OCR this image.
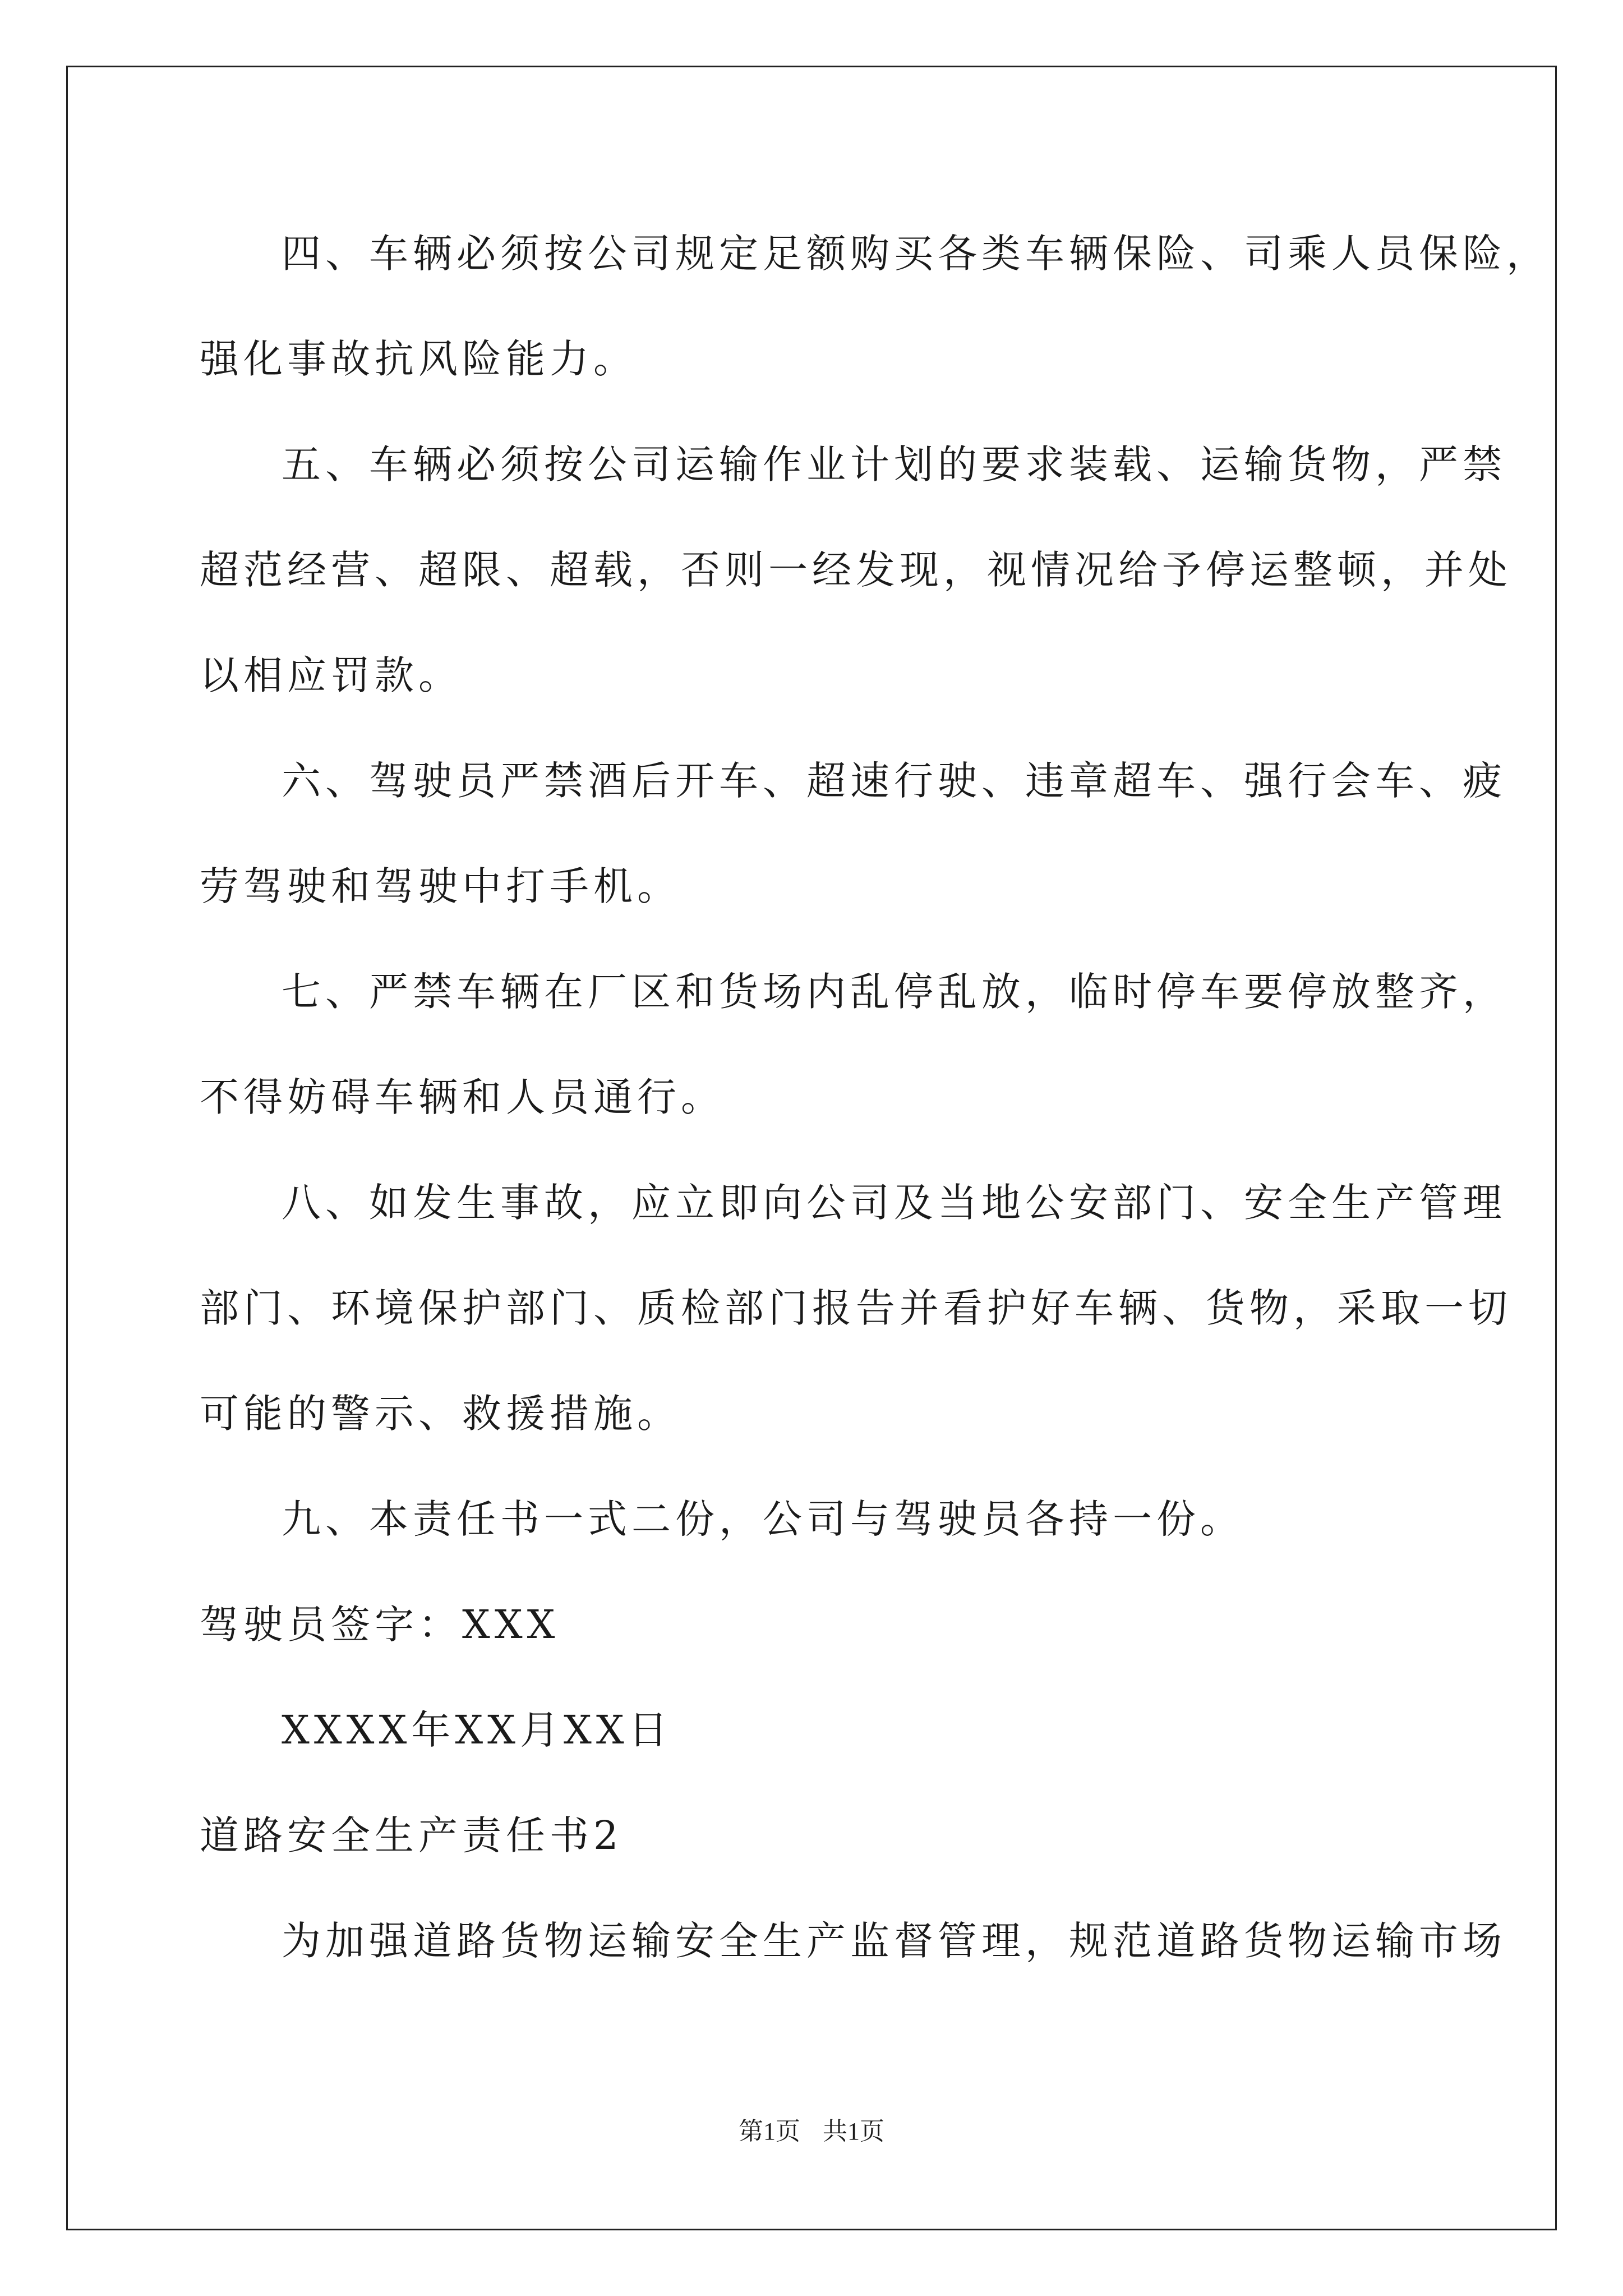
四、车辆必须按公司规定足额购买各类车辆保险、司乘人员保险，
强化事故抗风险能力。
五、车辆必须按公司运输作业计划的要求装载、运输货物，严禁
超范经营、超限、超载，否则一经发现，视情况给予停运整顿，并处
以相应罚款。
六、驾驶员严禁酒后开车、超速行驶、违章超车、强行会车、疲
劳驾驶和驾驶中打手机。
七、严禁车辆在厂区和货场内乱停乱放，临时停车要停放整齐，
不得妨碍车辆和人员通行。
八、如发生事故，应立即向公司及当地公安部门、安全生产管理
部门、环境保护部门、质检部门报告并看护好车辆、货物，采取一切
可能的警示、救援措施。
九、本责任书一式二份，公司与驾驶员各持一份。
驾驶员签字：XXX
XXXX年XX月XX日
道路安全生产责任书2
为加强道路货物运输安全生产监督管理，规范道路货物运输市场
第1页 共1页
